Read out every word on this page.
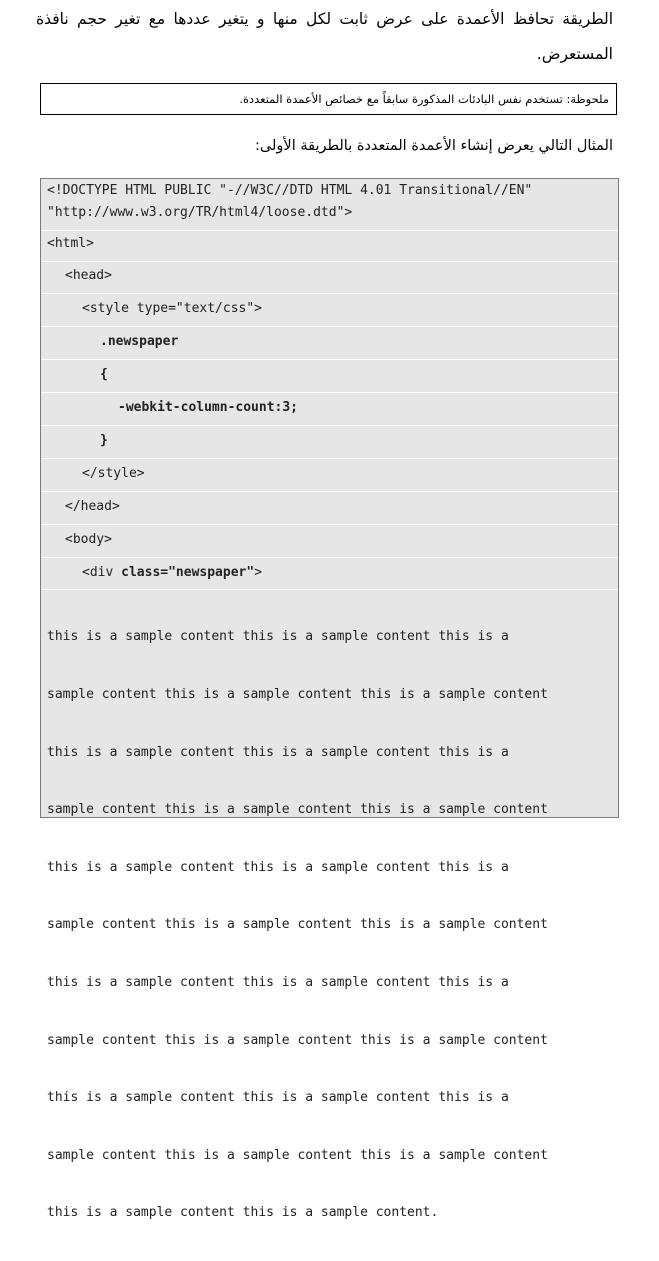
الطريقة تحافظ الأعمدة على عرض ثابت لكل منها و يتغير عددها مع تغير حجم نافذة المستعرض.

ملحوظة: تستخدم نفس البادئات المذكورة سابقاً مع خصائص الأعمدة المتعددة.

المثال التالي يعرض إنشاء الأعمدة المتعددة بالطريقة الأولى:

<!DOCTYPE HTML PUBLIC "-//W3C//DTD HTML 4.01 Transitional//EN"
"http://www.w3.org/TR/html4/loose.dtd">

<html>

<head>

<style type="text/css">

.newspaper

{

-webkit-column-count:3;

}

</style>

</head>

<body>

<div class="newspaper">

this is a sample content this is a sample content this is a

sample content this is a sample content this is a sample content

this is a sample content this is a sample content this is a

sample content this is a sample content this is a sample content

this is a sample content this is a sample content this is a

sample content this is a sample content this is a sample content

this is a sample content this is a sample content this is a

sample content this is a sample content this is a sample content

this is a sample content this is a sample content this is a

sample content this is a sample content this is a sample content

this is a sample content this is a sample content.
